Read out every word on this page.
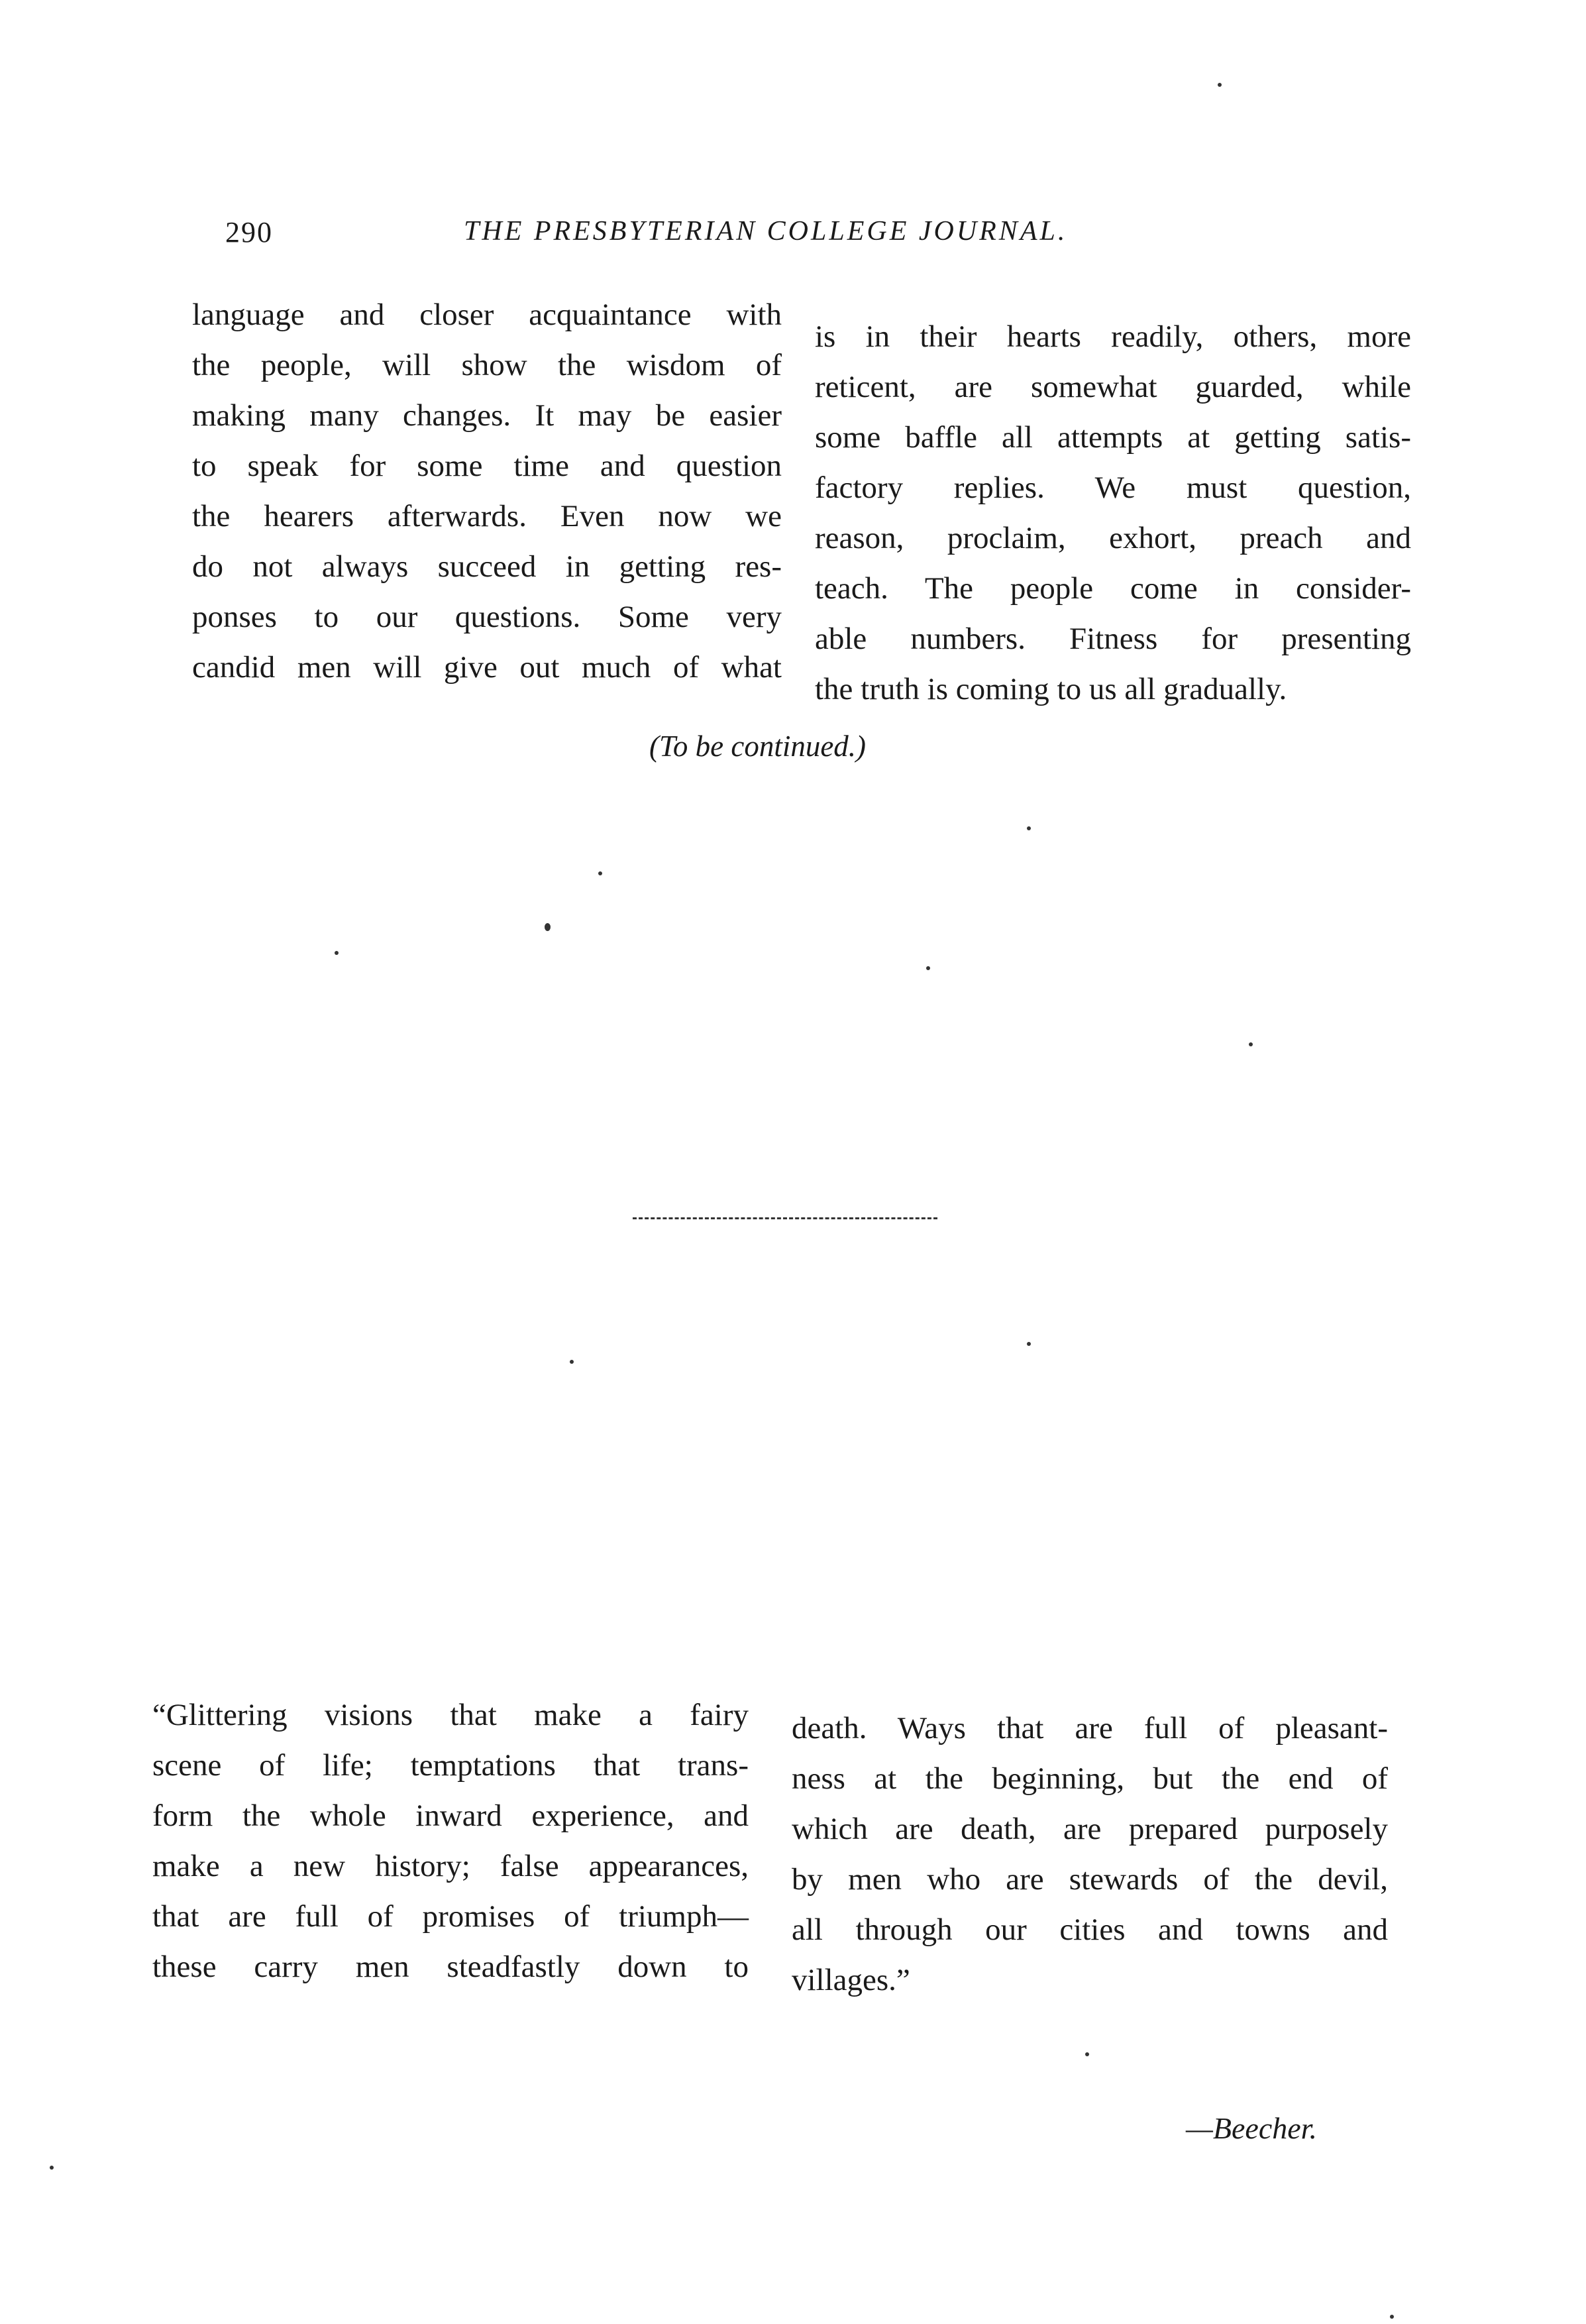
290	THE PRESBYTERIAN COLLEGE JOURNAL.
language and closer acquaintance with
the people, will show the wisdom of
making many changes. It may be easier
to speak for some time and question
the hearers afterwards. Even now we
do not always succeed in getting res-
ponses to our questions. Some very
candid men will give out much of what
is in their hearts readily, others, more
reticent, are somewhat guarded, while
some baffle all attempts at getting satis-
factory replies. We must question,
reason, proclaim, exhort, preach and
teach. The people come in consider-
able numbers. Fitness for presenting
the truth is coming to us all gradually.
(To be continued.)
“Glittering visions that make a fairy
scene of life; temptations that trans-
form the whole inward experience, and
make a new history; false appearances,
that are full of promises of triumph—
these carry men steadfastly down to
death. Ways that are full of pleasant-
ness at the beginning, but the end of
which are death, are prepared purposely
by men who are stewards of the devil,
all through our cities and towns and
villages.”
—Beecher.
